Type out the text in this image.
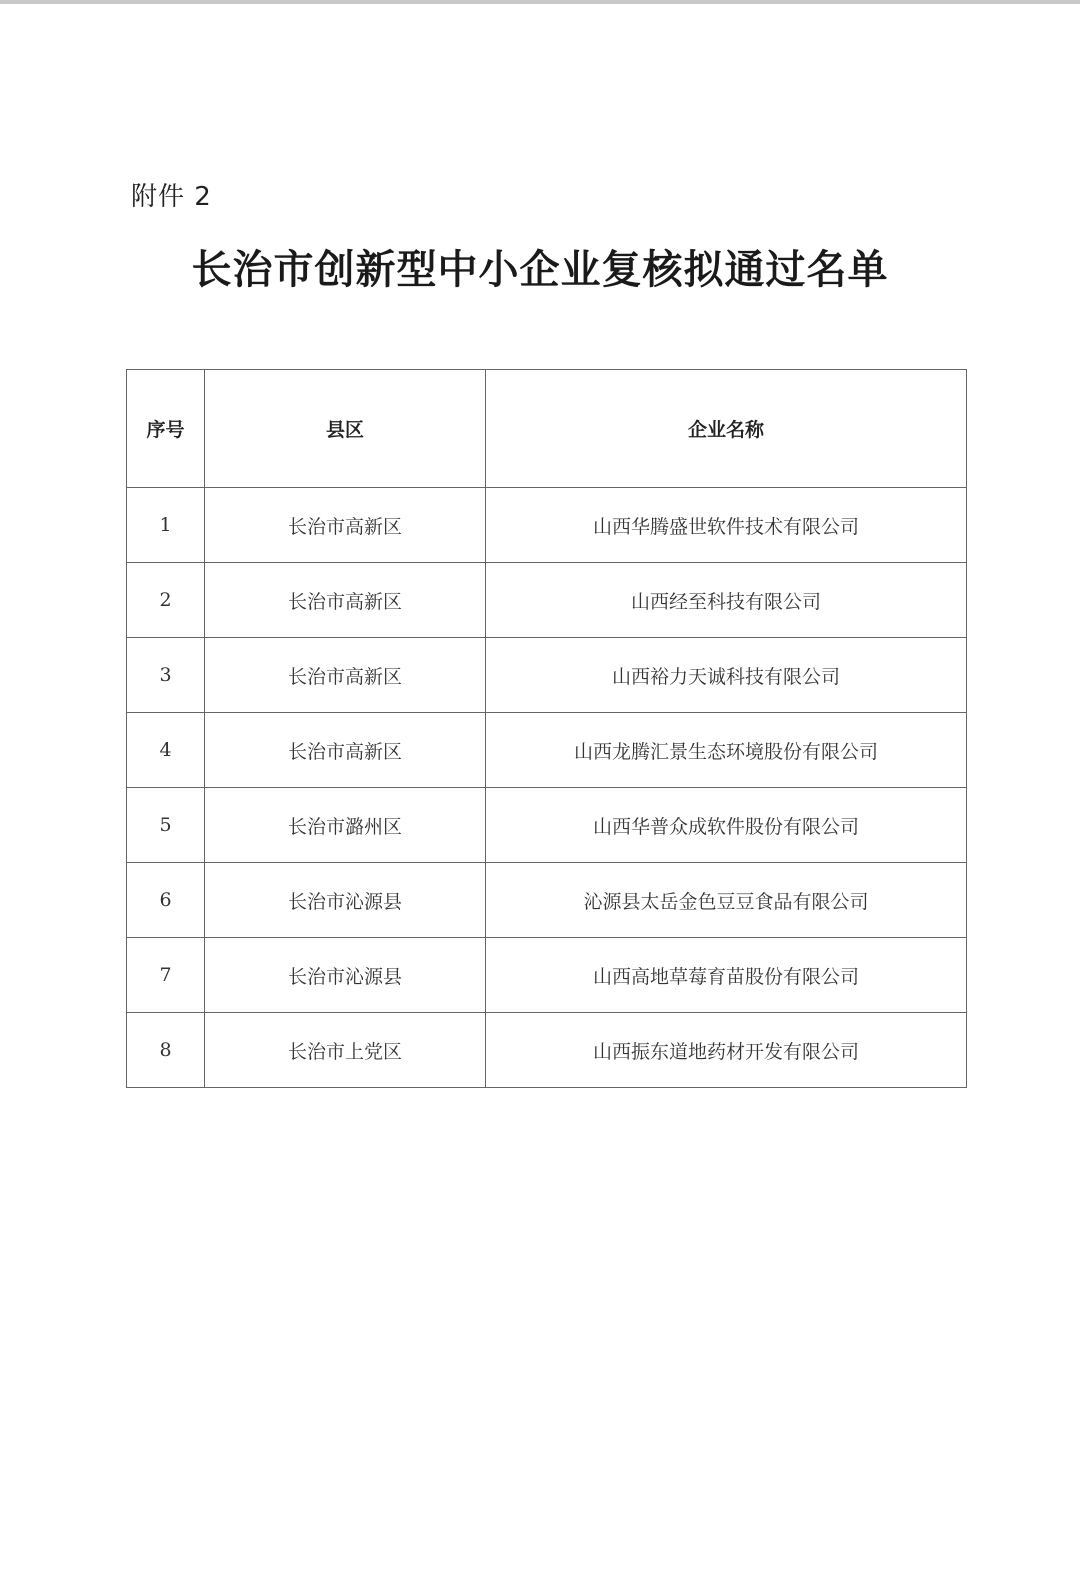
附件 2
长治市创新型中小企业复核拟通过名单
序号	县区	企业名称
1	长治市高新区	山西华腾盛世软件技术有限公司
2	长治市高新区	山西经至科技有限公司
3	长治市高新区	山西裕力天诚科技有限公司
4	长治市高新区	山西龙腾汇景生态环境股份有限公司
5	长治市潞州区	山西华普众成软件股份有限公司
6	长治市沁源县	沁源县太岳金色豆豆食品有限公司
7	长治市沁源县	山西高地草莓育苗股份有限公司
8	长治市上党区	山西振东道地药材开发有限公司
